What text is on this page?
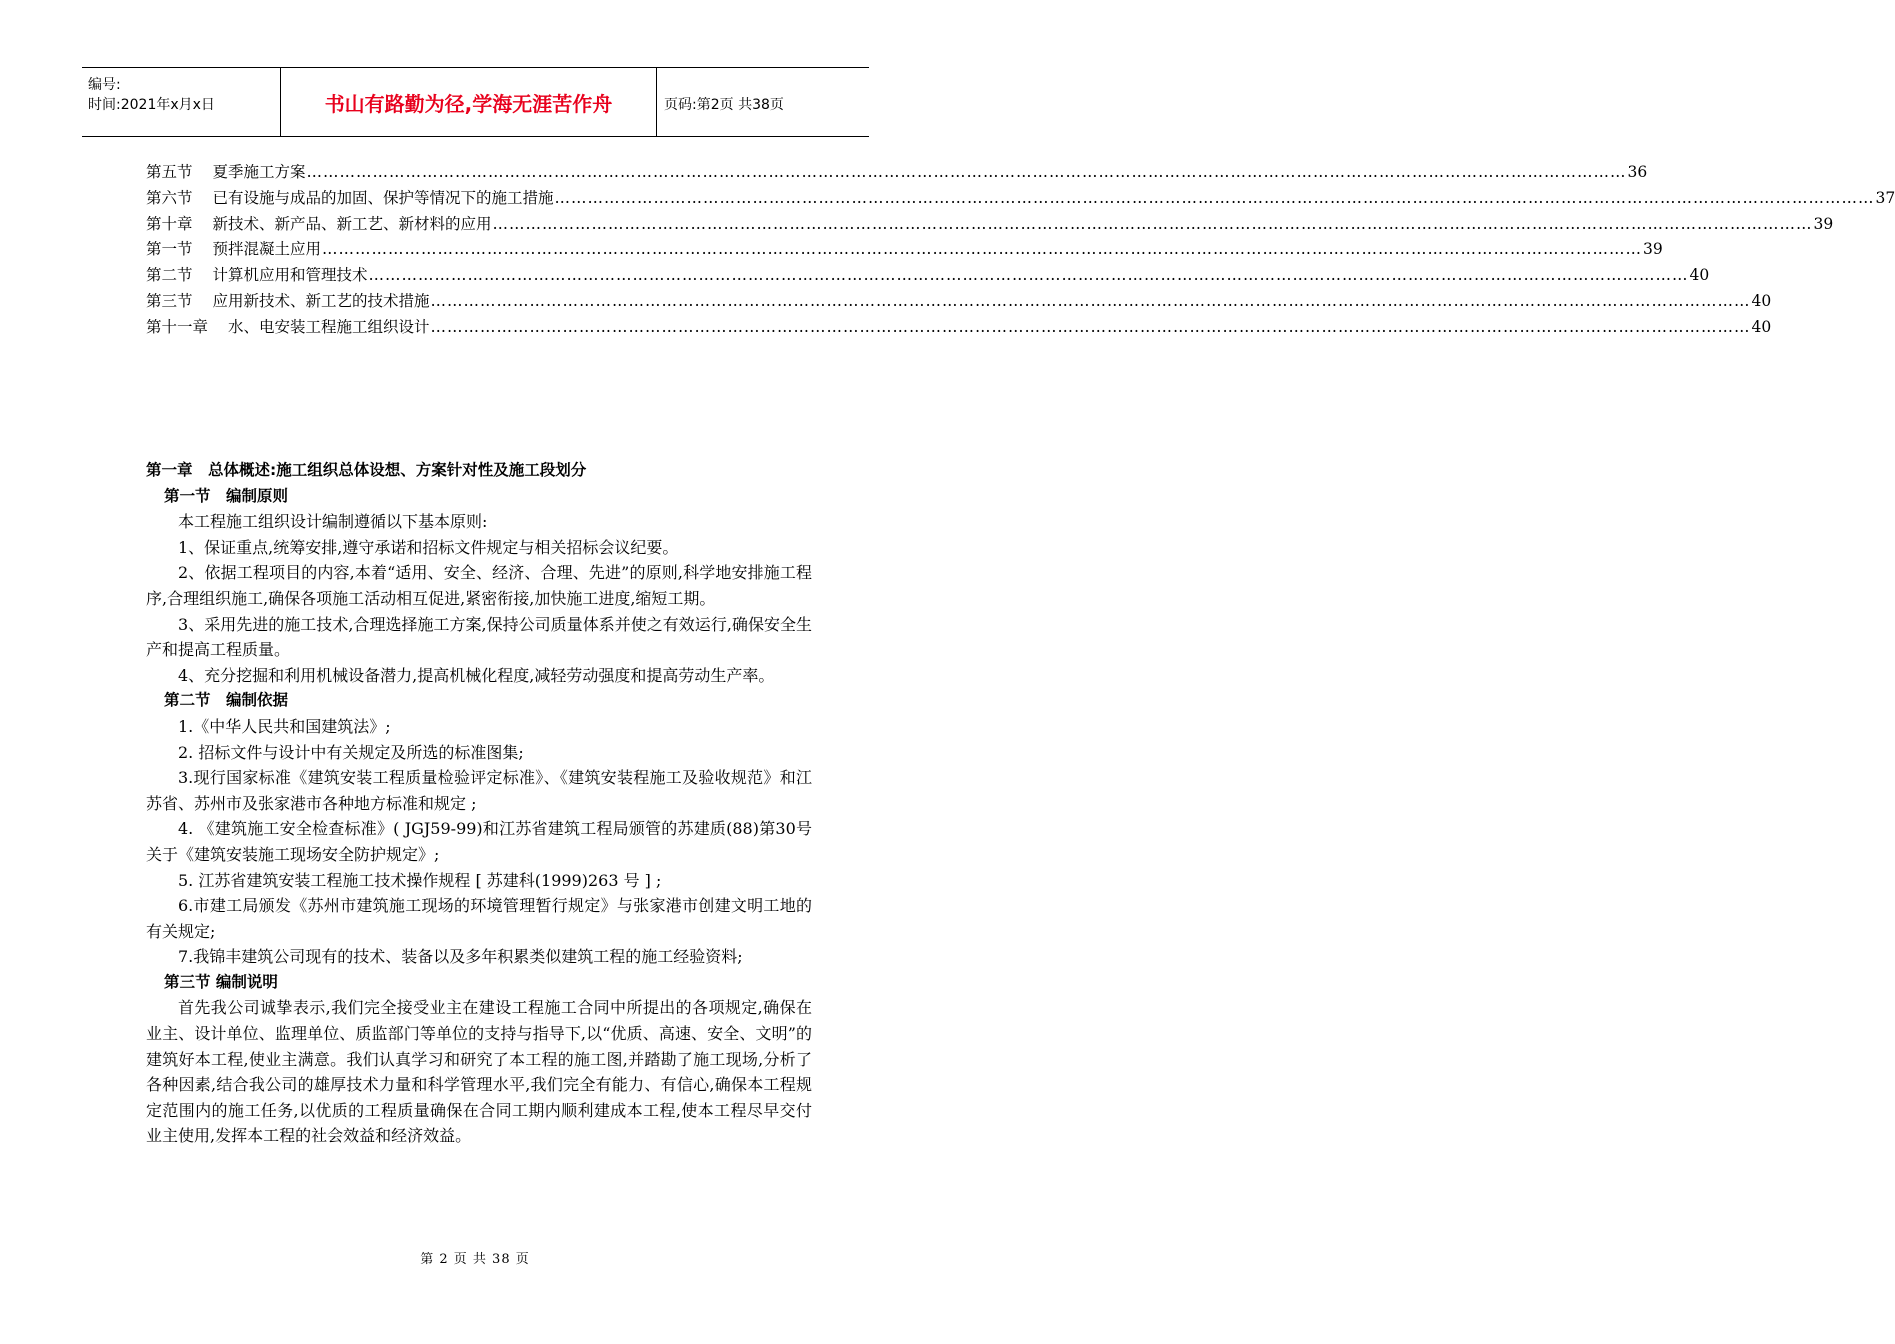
编号:
时间:2021年x月x日	书山有路勤为径,学海无涯苦作舟	页码:第2页 共38页
第五节 夏季施工方案 …………………………………………………………………………………………………………………………………………………………………………………………………………………… 36
第六节 已有设施与成品的加固、保护等情况下的施工措施 …………………………………………………………………………………………………………………………………………………………………………………………………………………… 37
第十章 新技术、新产品、新工艺、新材料的应用 …………………………………………………………………………………………………………………………………………………………………………………………………………………… 39
第一节 预拌混凝土应用 …………………………………………………………………………………………………………………………………………………………………………………………………………………… 39
第二节 计算机应用和管理技术 …………………………………………………………………………………………………………………………………………………………………………………………………………………… 40
第三节 应用新技术、新工艺的技术措施 …………………………………………………………………………………………………………………………………………………………………………………………………………………… 40
第十一章 水、电安装工程施工组织设计 …………………………………………………………………………………………………………………………………………………………………………………………………………………… 40
第一章　总体概述:施工组织总体设想、方案针对性及施工段划分
第一节　编制原则

本工程施工组织设计编制遵循以下基本原则:

1、保证重点,统筹安排,遵守承诺和招标文件规定与相关招标会议纪要。

2、依据工程项目的内容,本着“适用、安全、经济、合理、先进”的原则,科学地安排施工程序,合理组织施工,确保各项施工活动相互促进,紧密衔接,加快施工进度,缩短工期。

3、采用先进的施工技术,合理选择施工方案,保持公司质量体系并使之有效运行,确保安全生产和提高工程质量。

4、充分挖掘和利用机械设备潜力,提高机械化程度,减轻劳动强度和提高劳动生产率。

第二节　编制依据

1.《中华人民共和国建筑法》;

2. 招标文件与设计中有关规定及所选的标准图集;

3.现行国家标准《建筑安装工程质量检验评定标准》、《建筑安装程施工及验收规范》和江苏省、苏州市及张家港市各种地方标准和规定 ;

4. 《建筑施工安全检查标准》( JGJ59-99)和江苏省建筑工程局颁管的苏建质(88)第30号关于《建筑安装施工现场安全防护规定》;

5. 江苏省建筑安装工程施工技术操作规程 [ 苏建科(1999)263 号 ] ;

6.市建工局颁发《苏州市建筑施工现场的环境管理暂行规定》与张家港市创建文明工地的有关规定;

7.我锦丰建筑公司现有的技术、装备以及多年积累类似建筑工程的施工经验资料;

第三节 编制说明

首先我公司诚挚表示,我们完全接受业主在建设工程施工合同中所提出的各项规定,确保在业主、设计单位、监理单位、质监部门等单位的支持与指导下,以“优质、高速、安全、文明”的建筑好本工程,使业主满意。我们认真学习和研究了本工程的施工图,并踏勘了施工现场,分析了各种因素,结合我公司的雄厚技术力量和科学管理水平,我们完全有能力、有信心,确保本工程规定范围内的施工任务,以优质的工程质量确保在合同工期内顺利建成本工程,使本工程尽早交付业主使用,发挥本工程的社会效益和经济效益。

第 2 页 共 38 页
